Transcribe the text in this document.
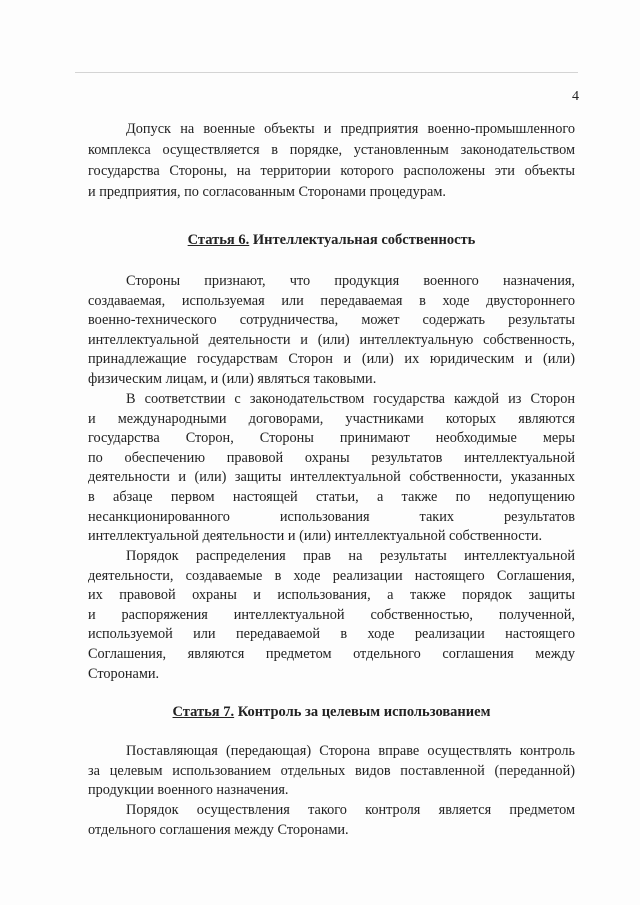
4
Допуск на военные объекты и предприятия военно-промышленного
комплекса осуществляется в порядке, установленным законодательством
государства Стороны, на территории которого расположены эти объекты
и предприятия, по согласованным Сторонами процедурам.
Статья 6. Интеллектуальная собственность
Стороны признают, что продукция военного назначения,
создаваемая, используемая или передаваемая в ходе двустороннего
военно-технического сотрудничества, может содержать результаты
интеллектуальной деятельности и (или) интеллектуальную собственность,
принадлежащие государствам Сторон и (или) их юридическим и (или)
физическим лицам, и (или) являться таковыми.
В соответствии с законодательством государства каждой из Сторон
и международными договорами, участниками которых являются
государства Сторон, Стороны принимают необходимые меры
по обеспечению правовой охраны результатов интеллектуальной
деятельности и (или) защиты интеллектуальной собственности, указанных
в абзаце первом настоящей статьи, а также по недопущению
несанкционированного использования таких результатов
интеллектуальной деятельности и (или) интеллектуальной собственности.
Порядок распределения прав на результаты интеллектуальной
деятельности, создаваемые в ходе реализации настоящего Соглашения,
их правовой охраны и использования, а также порядок защиты
и распоряжения интеллектуальной собственностью, полученной,
используемой или передаваемой в ходе реализации настоящего
Соглашения, являются предметом отдельного соглашения между
Сторонами.
Статья 7. Контроль за целевым использованием
Поставляющая (передающая) Сторона вправе осуществлять контроль
за целевым использованием отдельных видов поставленной (переданной)
продукции военного назначения.
Порядок осуществления такого контроля является предметом
отдельного соглашения между Сторонами.
